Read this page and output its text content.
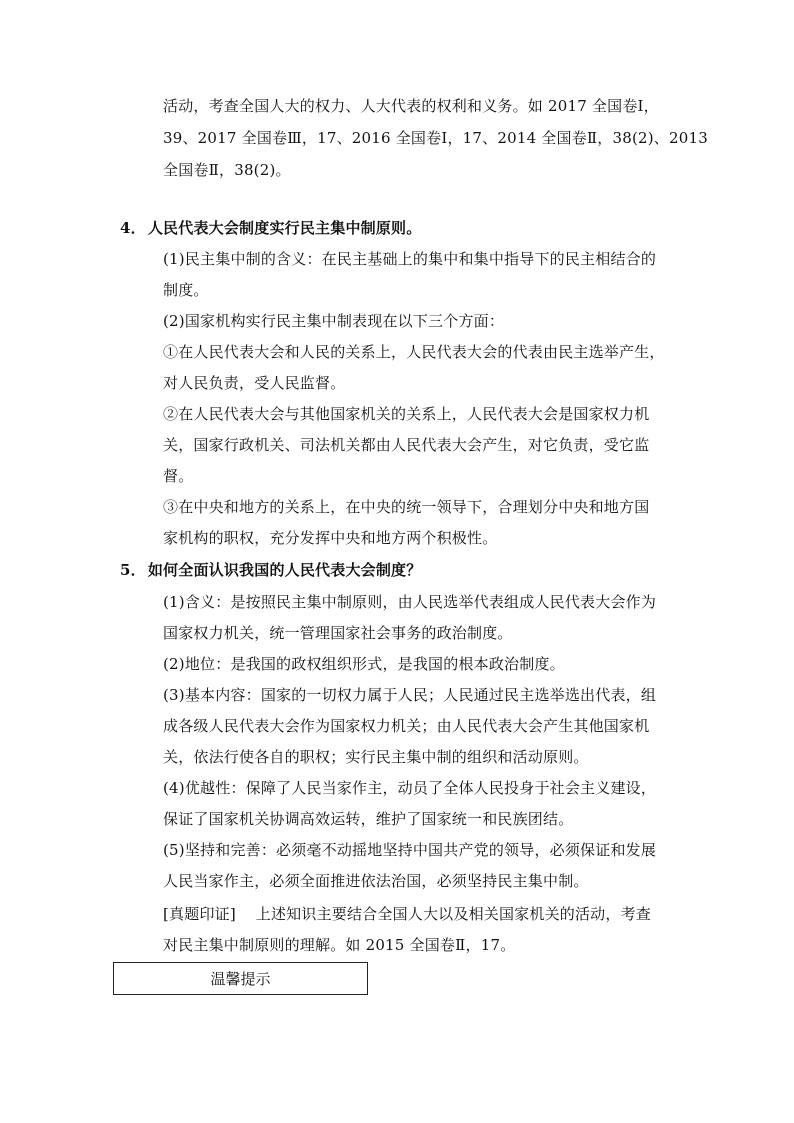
活动，考查全国人大的权力、人大代表的权利和义务。如 2017 全国卷Ⅰ，
39、2017 全国卷Ⅲ，17、2016 全国卷Ⅰ，17、2014 全国卷Ⅱ，38(2)、2013
全国卷Ⅱ，38(2)。
4． 人民代表大会制度实行民主集中制原则。
(1)民主集中制的含义：在民主基础上的集中和集中指导下的民主相结合的
制度。
(2)国家机构实行民主集中制表现在以下三个方面：
①在人民代表大会和人民的关系上，人民代表大会的代表由民主选举产生，
对人民负责，受人民监督。
②在人民代表大会与其他国家机关的关系上，人民代表大会是国家权力机
关，国家行政机关、司法机关都由人民代表大会产生，对它负责，受它监
督。
③在中央和地方的关系上，在中央的统一领导下，合理划分中央和地方国
家机构的职权，充分发挥中央和地方两个积极性。
5． 如何全面认识我国的人民代表大会制度？
(1)含义：是按照民主集中制原则，由人民选举代表组成人民代表大会作为
国家权力机关，统一管理国家社会事务的政治制度。
(2)地位：是我国的政权组织形式，是我国的根本政治制度。
(3)基本内容：国家的一切权力属于人民；人民通过民主选举选出代表，组
成各级人民代表大会作为国家权力机关；由人民代表大会产生其他国家机
关，依法行使各自的职权；实行民主集中制的组织和活动原则。
(4)优越性：保障了人民当家作主，动员了全体人民投身于社会主义建设，
保证了国家机关协调高效运转，维护了国家统一和民族团结。
(5)坚持和完善：必须毫不动摇地坚持中国共产党的领导，必须保证和发展
人民当家作主，必须全面推进依法治国，必须坚持民主集中制。
[真题印证] 上述知识主要结合全国人大以及相关国家机关的活动，考查
对民主集中制原则的理解。如 2015 全国卷Ⅱ，17。
温馨提示
